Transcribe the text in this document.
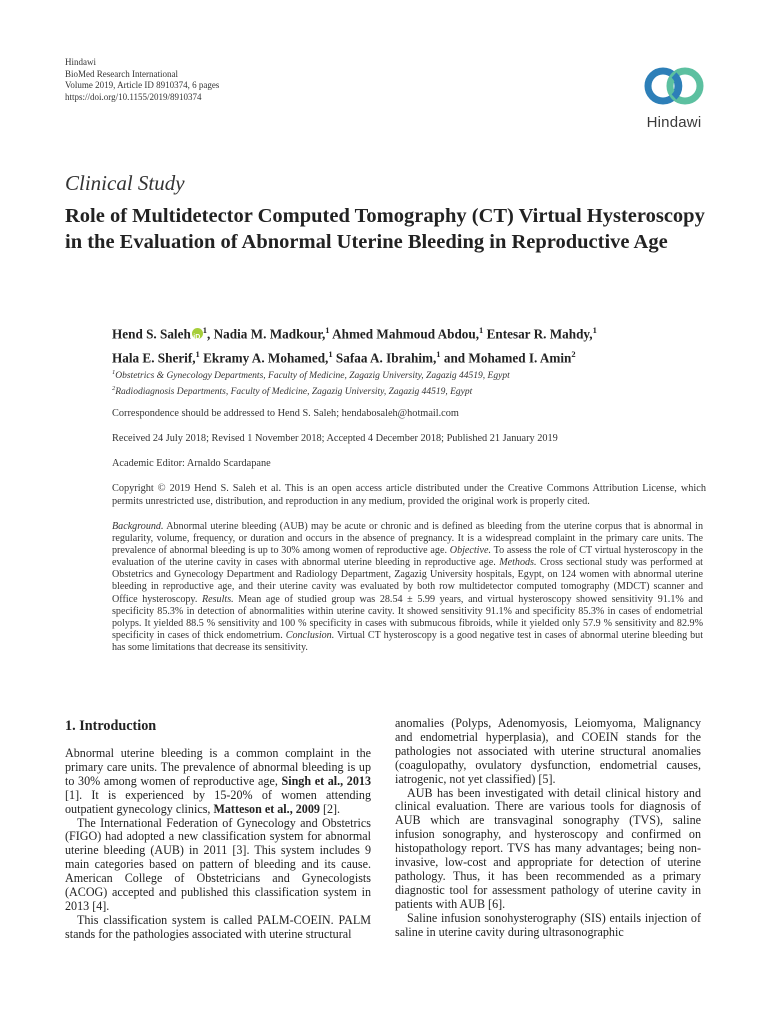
Hindawi
BioMed Research International
Volume 2019, Article ID 8910374, 6 pages
https://doi.org/10.1155/2019/8910374
Hindawi
Clinical Study
Role of Multidetector Computed Tomography (CT) Virtual Hysteroscopy in the Evaluation of Abnormal Uterine Bleeding in Reproductive Age
Hend S. SalehiD $^1$, Nadia M. Madkour,$^1$ Ahmed Mahmoud Abdou,$^1$ Entesar R. Mahdy,$^1$
Hala E. Sherif,$^1$ Ekramy A. Mohamed,$^1$ Safaa A. Ibrahim,$^1$ and Mohamed I. Amin$^2$
$^1$Obstetrics & Gynecology Departments, Faculty of Medicine, Zagazig University, Zagazig 44519, Egypt
$^2$Radiodiagnosis Departments, Faculty of Medicine, Zagazig University, Zagazig 44519, Egypt
Correspondence should be addressed to Hend S. Saleh; hendabosaleh@hotmail.com
Received 24 July 2018; Revised 1 November 2018; Accepted 4 December 2018; Published 21 January 2019
Academic Editor: Arnaldo Scardapane
Copyright © 2019 Hend S. Saleh et al. This is an open access article distributed under the Creative Commons Attribution License, which permits unrestricted use, distribution, and reproduction in any medium, provided the original work is properly cited.
Background. Abnormal uterine bleeding (AUB) may be acute or chronic and is defined as bleeding from the uterine corpus that is abnormal in regularity, volume, frequency, or duration and occurs in the absence of pregnancy. It is a widespread complaint in the primary care units. The prevalence of abnormal bleeding is up to 30% among women of reproductive age. Objective. To assess the role of CT virtual hysteroscopy in the evaluation of the uterine cavity in cases with abnormal uterine bleeding in reproductive age. Methods. Cross sectional study was performed at Obstetrics and Gynecology Department and Radiology Department, Zagazig University hospitals, Egypt, on 124 women with abnormal uterine bleeding in reproductive age, and their uterine cavity was evaluated by both row multidetector computed tomography (MDCT) scanner and Office hysteroscopy. Results. Mean age of studied group was 28.54 ± 5.99 years, and virtual hysteroscopy showed sensitivity 91.1% and specificity 85.3% in detection of abnormalities within uterine cavity. It showed sensitivity 91.1% and specificity 85.3% in cases of endometrial polyps. It yielded 88.5 % sensitivity and 100 % specificity in cases with submucous fibroids, while it yielded only 57.9 % sensitivity and 82.9% specificity in cases of thick endometrium. Conclusion. Virtual CT hysteroscopy is a good negative test in cases of abnormal uterine bleeding but has some limitations that decrease its sensitivity.
1. Introduction

Abnormal uterine bleeding is a common complaint in the primary care units. The prevalence of abnormal bleeding is up to 30% among women of reproductive age, Singh et al., 2013 [1]. It is experienced by 15-20% of women attending outpatient gynecology clinics, Matteson et al., 2009 [2].

The International Federation of Gynecology and Obstetrics (FIGO) had adopted a new classification system for abnormal uterine bleeding (AUB) in 2011 [3]. This system includes 9 main categories based on pattern of bleeding and its cause. American College of Obstetricians and Gynecologists (ACOG) accepted and published this classification system in 2013 [4].

This classification system is called PALM-COEIN. PALM stands for the pathologies associated with uterine structural

anomalies (Polyps, Adenomyosis, Leiomyoma, Malignancy and endometrial hyperplasia), and COEIN stands for the pathologies not associated with uterine structural anomalies (coagulopathy, ovulatory dysfunction, endometrial causes, iatrogenic, not yet classified) [5].

AUB has been investigated with detail clinical history and clinical evaluation. There are various tools for diagnosis of AUB which are transvaginal sonography (TVS), saline infusion sonography, and hysteroscopy and confirmed on histopathology report. TVS has many advantages; being non-invasive, low-cost and appropriate for detection of uterine pathology. Thus, it has been recommended as a primary diagnostic tool for assessment pathology of uterine cavity in patients with AUB [6].

Saline infusion sonohysterography (SIS) entails injection of saline in uterine cavity during ultrasonographic
